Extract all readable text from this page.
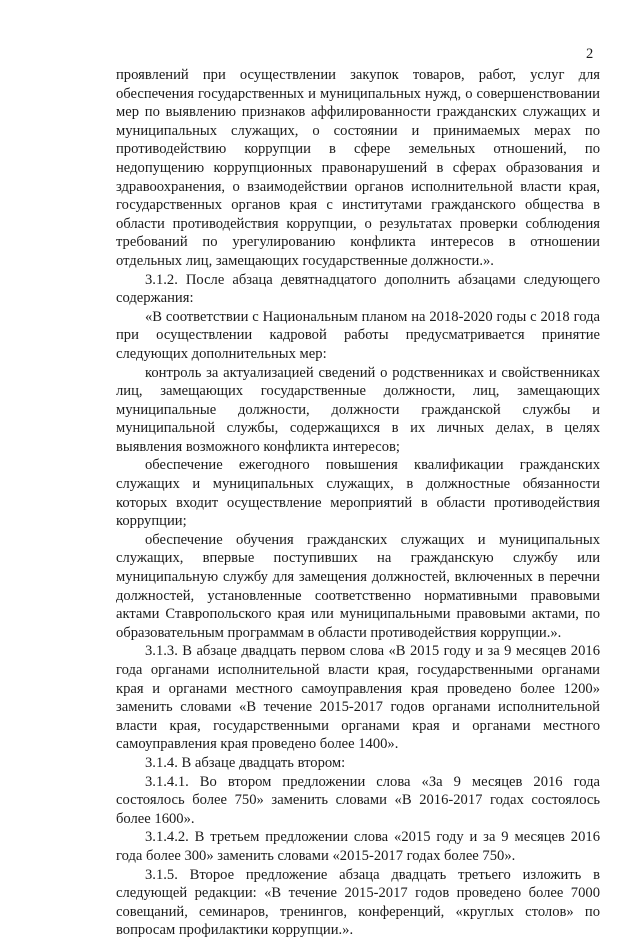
2

проявлений при осуществлении закупок товаров, работ, услуг для обеспечения государственных и муниципальных нужд, о совершенствовании мер по выявлению признаков аффилированности гражданских служащих и муниципальных служащих, о состоянии и принимаемых мерах по противодействию коррупции в сфере земельных отношений, по недопущению коррупционных правонарушений в сферах образования и здравоохранения, о взаимодействии органов исполнительной власти края, государственных органов края с институтами гражданского общества в области противодействия коррупции, о результатах проверки соблюдения требований по урегулированию конфликта интересов в отношении отдельных лиц, замещающих государственные должности.».

3.1.2. После абзаца девятнадцатого дополнить абзацами следующего содержания:

«В соответствии с Национальным планом на 2018-2020 годы с 2018 года при осуществлении кадровой работы предусматривается принятие следующих дополнительных мер:

контроль за актуализацией сведений о родственниках и свойственниках лиц, замещающих государственные должности, лиц, замещающих муниципальные должности, должности гражданской службы и муниципальной службы, содержащихся в их личных делах, в целях выявления возможного конфликта интересов;

обеспечение ежегодного повышения квалификации гражданских служащих и муниципальных служащих, в должностные обязанности которых входит осуществление мероприятий в области противодействия коррупции;

обеспечение обучения гражданских служащих и муниципальных служащих, впервые поступивших на гражданскую службу или муниципальную службу для замещения должностей, включенных в перечни должностей, установленные соответственно нормативными правовыми актами Ставропольского края или муниципальными правовыми актами, по образовательным программам в области противодействия коррупции.».

3.1.3. В абзаце двадцать первом слова «В 2015 году и за 9 месяцев 2016 года органами исполнительной власти края, государственными органами края и органами местного самоуправления края проведено более 1200» заменить словами «В течение 2015-2017 годов органами исполнительной власти края, государственными органами края и органами местного самоуправления края проведено более 1400».

3.1.4. В абзаце двадцать втором:

3.1.4.1. Во втором предложении слова «За 9 месяцев 2016 года состоялось более 750» заменить словами «В 2016-2017 годах состоялось более 1600».

3.1.4.2. В третьем предложении слова «2015 году и за 9 месяцев 2016 года более 300» заменить словами «2015-2017 годах более 750».

3.1.5. Второе предложение абзаца двадцать третьего изложить в следующей редакции: «В течение 2015-2017 годов проведено более 7000 совещаний, семинаров, тренингов, конференций, «круглых столов» по вопросам профилактики коррупции.».
